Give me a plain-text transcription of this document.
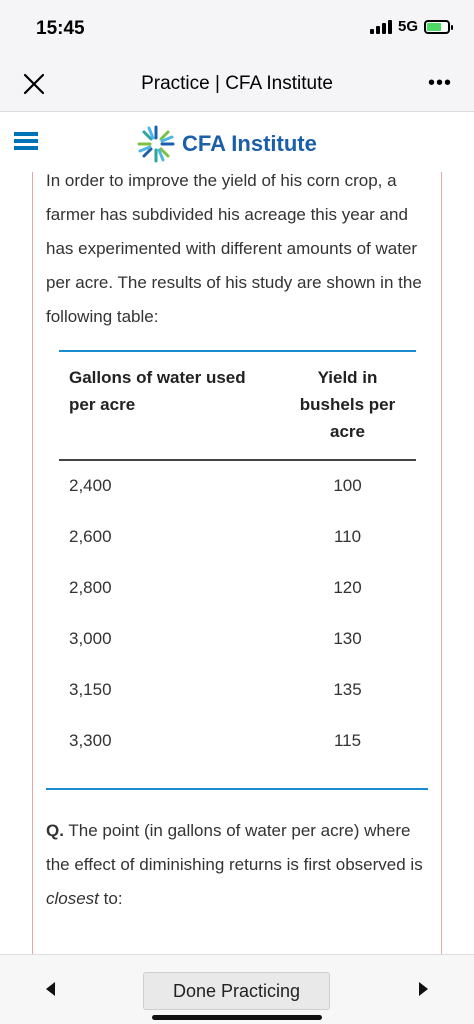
15:45	5G
Practice | CFA Institute	•••
CFA Institute

In order to improve the yield of his corn crop, a farmer has subdivided his acreage this year and has experimented with different amounts of water per acre. The results of his study are shown in the following table:

Gallons of water used per acre	Yield in bushels per acre
2,400	100
2,600	110
2,800	120
3,000	130
3,150	135
3,300	115

Q. The point (in gallons of water per acre) where the effect of diminishing returns is first observed is closest to:

Done Practicing
